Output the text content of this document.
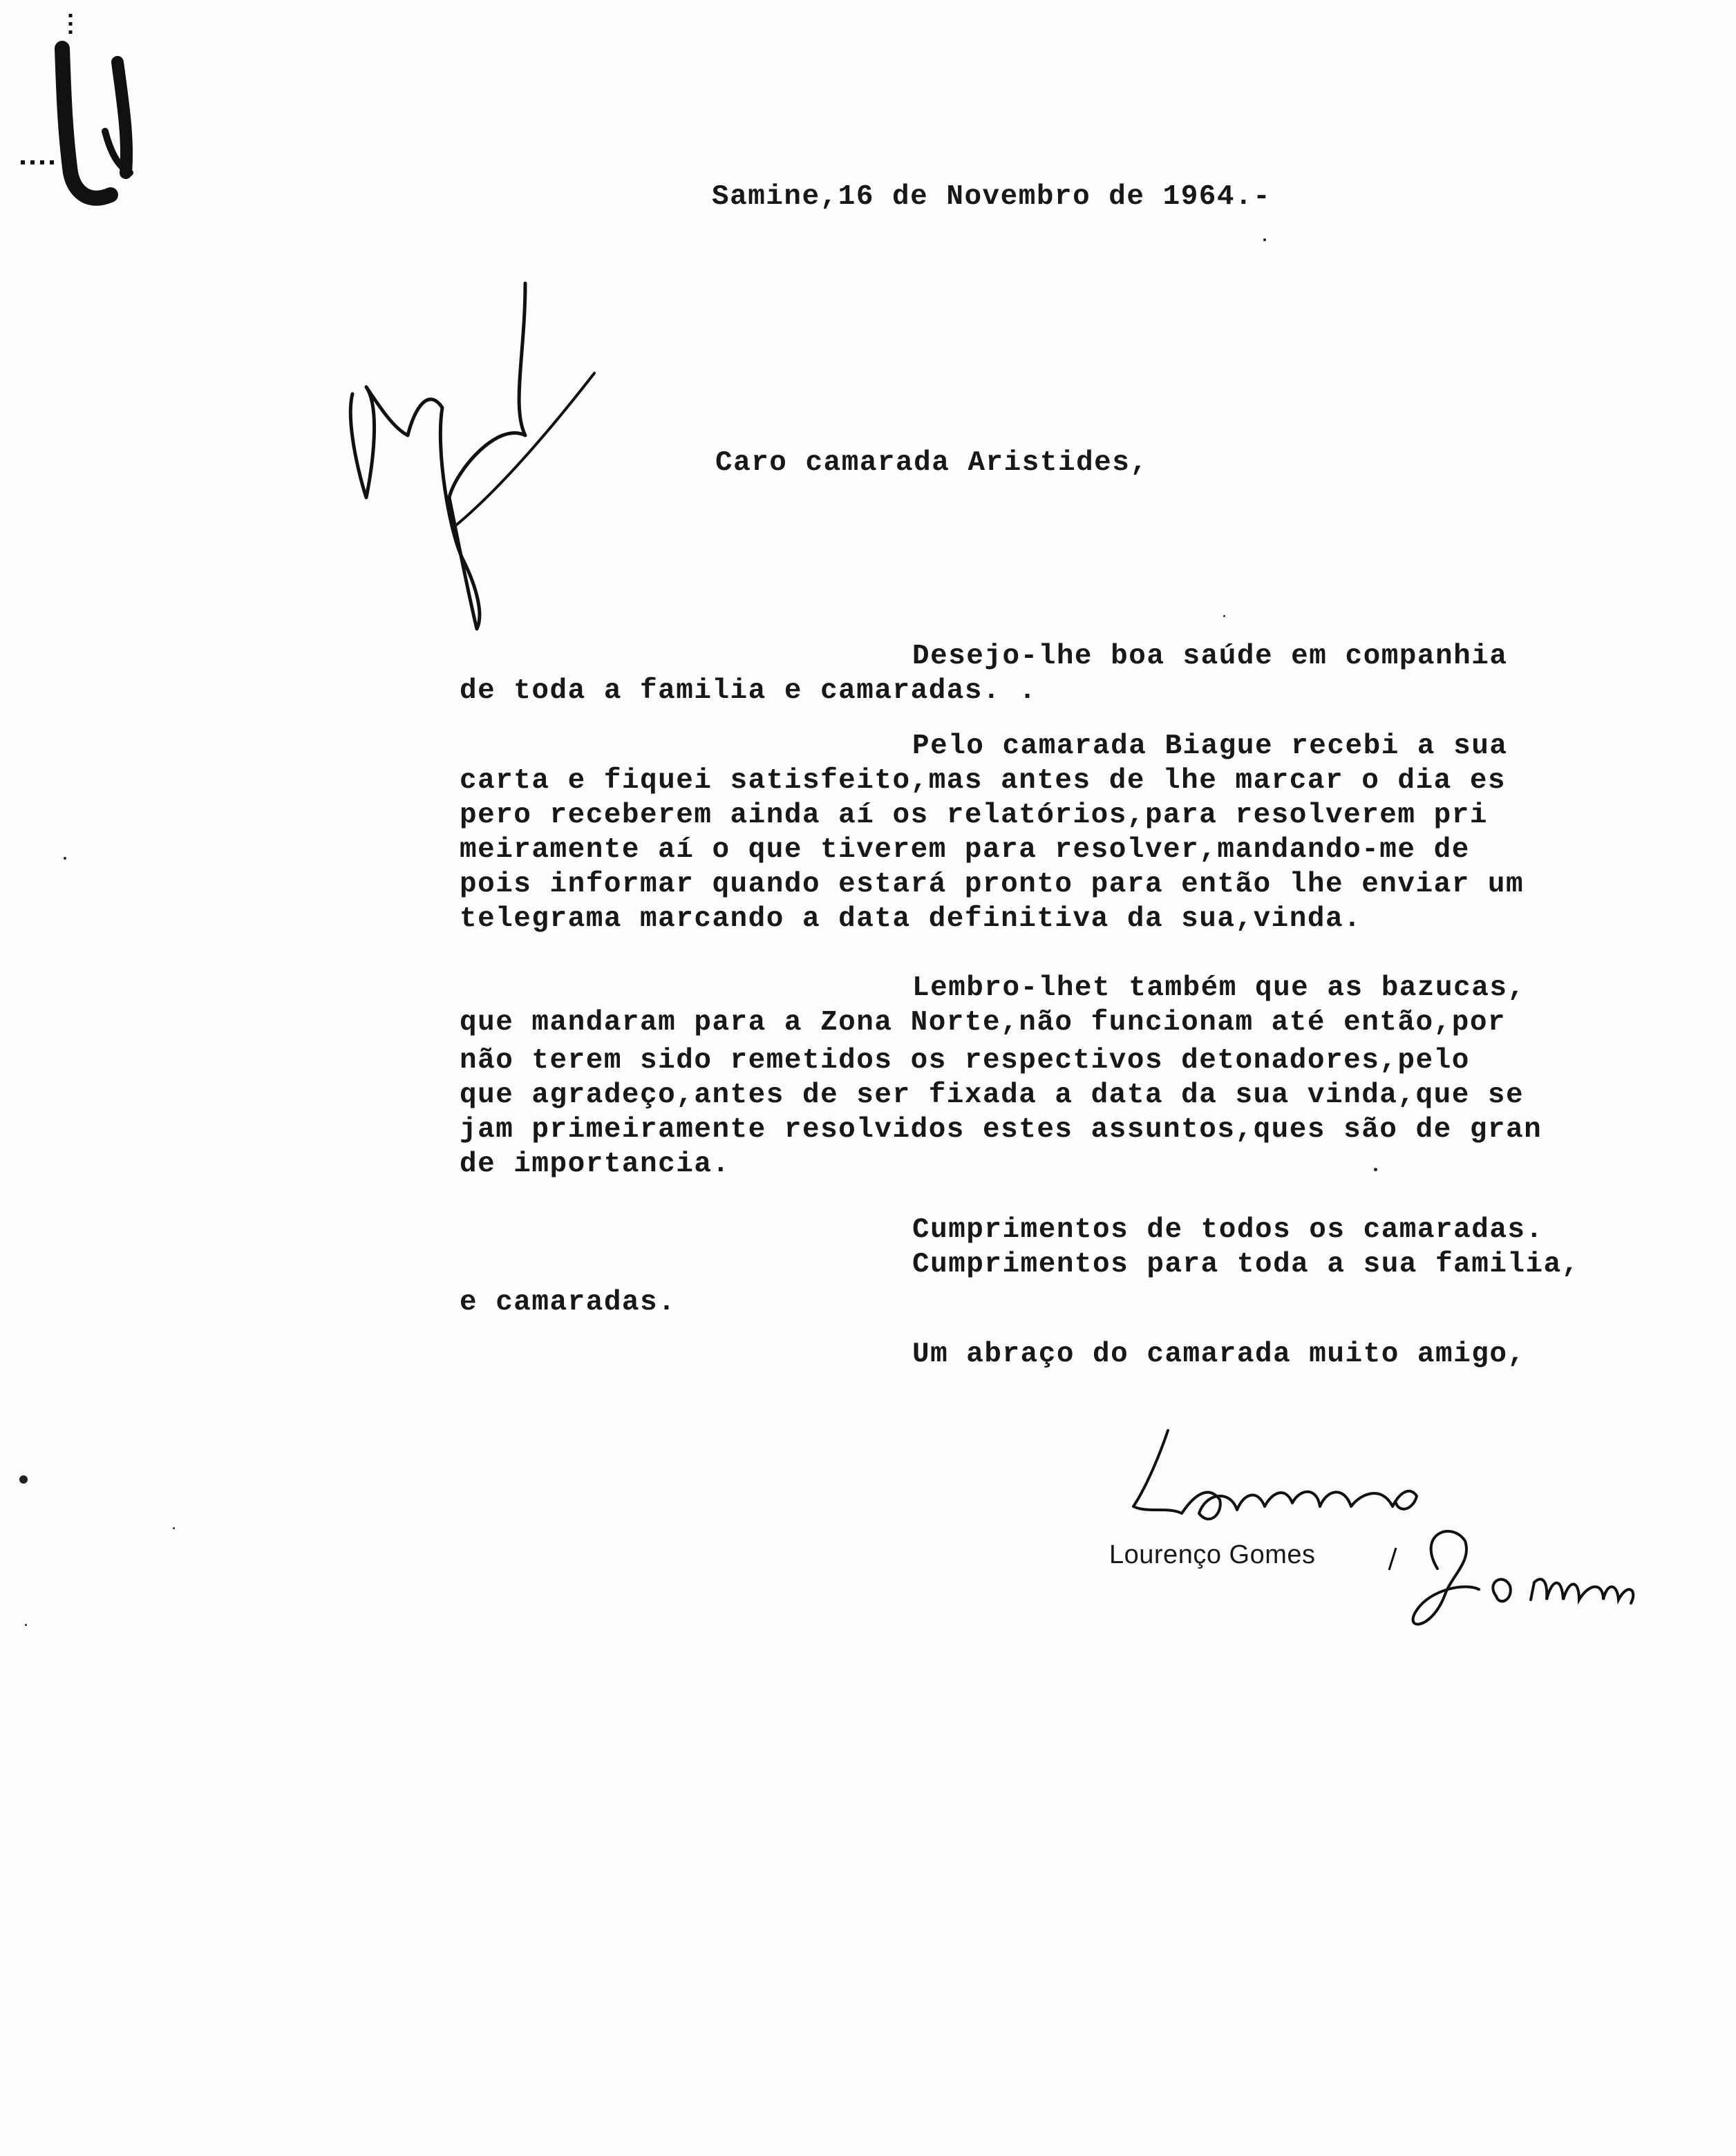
Samine,16 de Novembro de 1964.-
Caro camarada Aristides,
Desejo-lhe boa saúde em companhia
de toda a familia e camaradas. .
Pelo camarada Biague recebi a sua
carta e fiquei satisfeito,mas antes de lhe marcar o dia es
pero receberem ainda aí os relatórios,para resolverem pri
meiramente aí o que tiverem para resolver,mandando-me de
pois informar quando estará pronto para então lhe enviar um
telegrama marcando a data definitiva da sua,vinda.
Lembro-lhet também que as bazucas,
que mandaram para a Zona Norte,não funcionam até então,por
não terem sido remetidos os respectivos detonadores,pelo
que agradeço,antes de ser fixada a data da sua vinda,que se
jam primeiramente resolvidos estes assuntos,ques são de gran
de importancia.
Cumprimentos de todos os camaradas.
Cumprimentos para toda a sua familia,
e camaradas.
Um abraço do camarada muito amigo,
Lourenço Gomes
